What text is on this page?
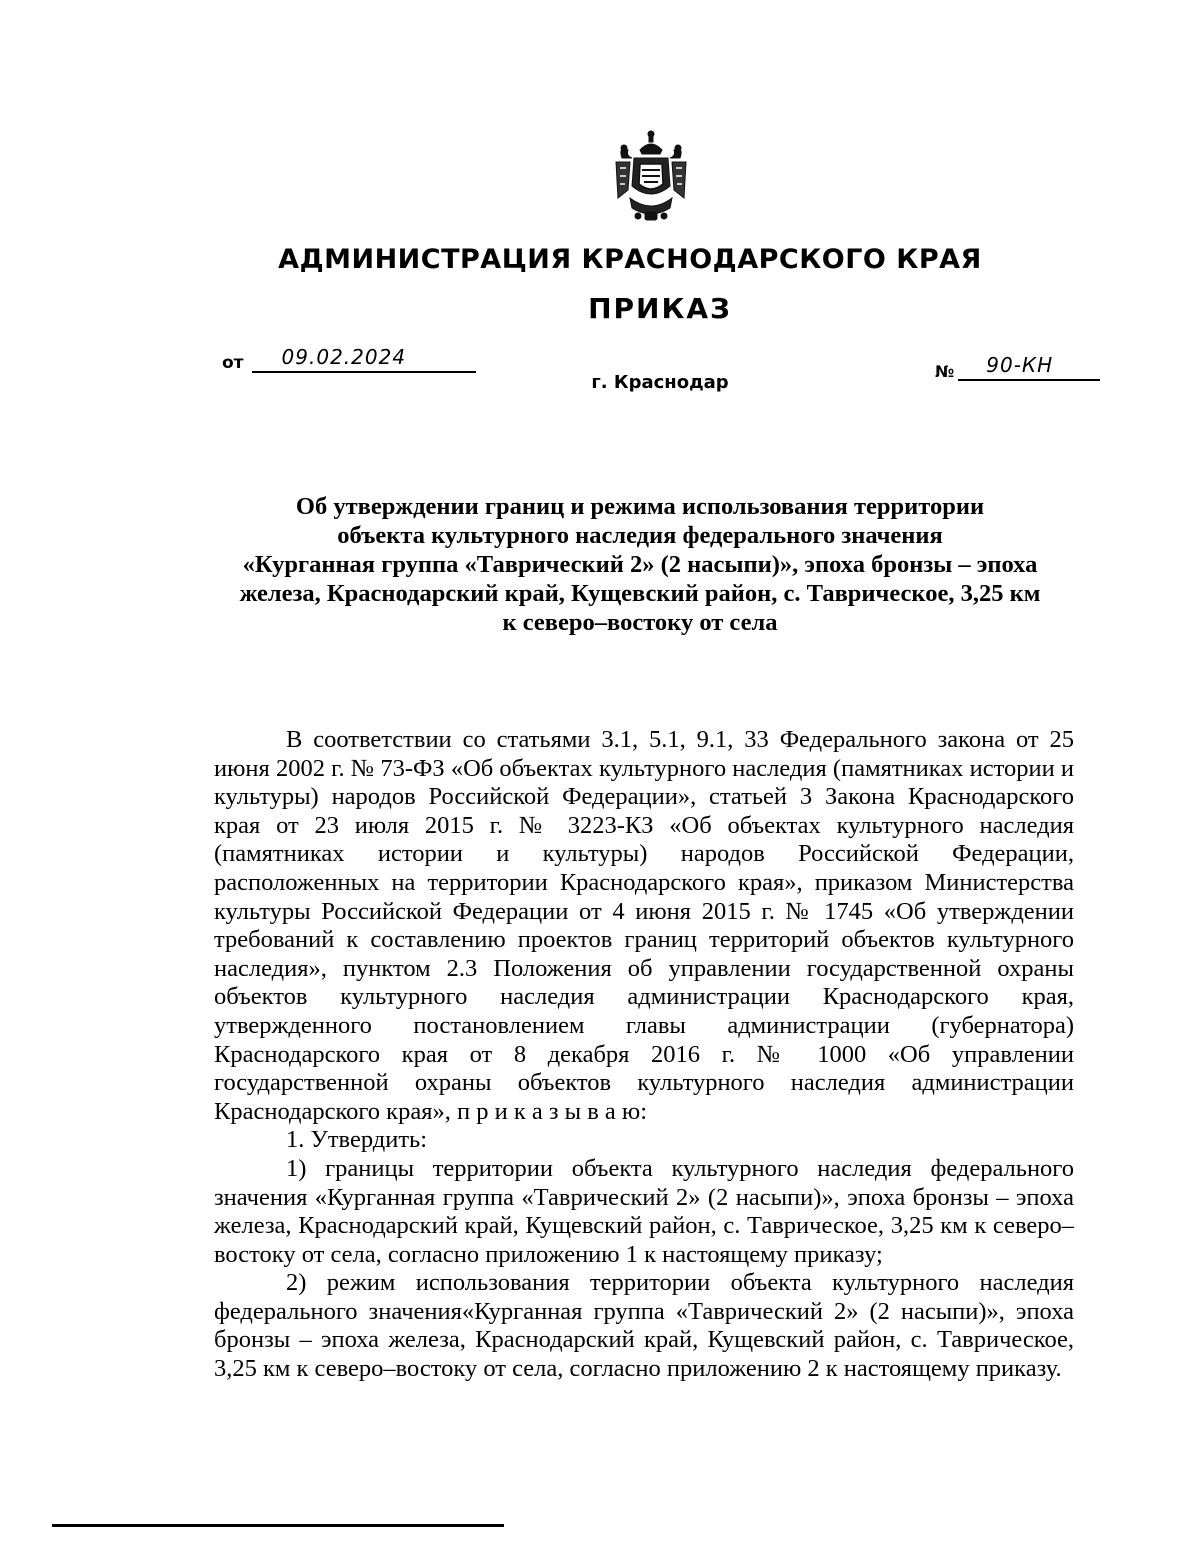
АДМИНИСТРАЦИЯ КРАСНОДАРСКОГО КРАЯ
ПРИКАЗ
от 09.02.2024
№ 90-КН
г. Краснодар
Об утверждении границ и режима использования территории
объекта культурного наследия федерального значения
«Курганная группа «Таврический 2» (2 насыпи)», эпоха бронзы – эпоха
железа, Краснодарский край, Кущевский район, с. Таврическое, 3,25 км
к северо–востоку от села

В соответствии со статьями 3.1, 5.1, 9.1, 33 Федерального закона от 25 июня 2002 г. № 73-ФЗ «Об объектах культурного наследия (памятниках истории и культуры) народов Российской Федерации», статьей 3 Закона Краснодарского края от 23 июля 2015 г. № 3223-КЗ «Об объектах культурного наследия (памятниках истории и культуры) народов Российской Федерации, расположенных на территории Краснодарского края», приказом Министерства культуры Российской Федерации от 4 июня 2015 г. № 1745 «Об утверждении требований к составлению проектов границ территорий объектов культурного наследия», пунктом 2.3 Положения об управлении государственной охраны объектов культурного наследия администрации Краснодарского края, утвержденного постановлением главы администрации (губернатора) Краснодарского края от 8 декабря 2016 г. № 1000 «Об управлении государственной охраны объектов культурного наследия администрации Краснодарского края», п р и к а з ы в а ю:

1. Утвердить:

1) границы территории объекта культурного наследия федерального значения «Курганная группа «Таврический 2» (2 насыпи)», эпоха бронзы – эпоха железа, Краснодарский край, Кущевский район, с. Таврическое, 3,25 км к северо–востоку от села, согласно приложению 1 к настоящему приказу;

2) режим использования территории объекта культурного наследия федерального значения«Курганная группа «Таврический 2» (2 насыпи)», эпоха бронзы – эпоха железа, Краснодарский край, Кущевский район, с. Таврическое, 3,25 км к северо–востоку от села, согласно приложению 2 к настоящему приказу.
